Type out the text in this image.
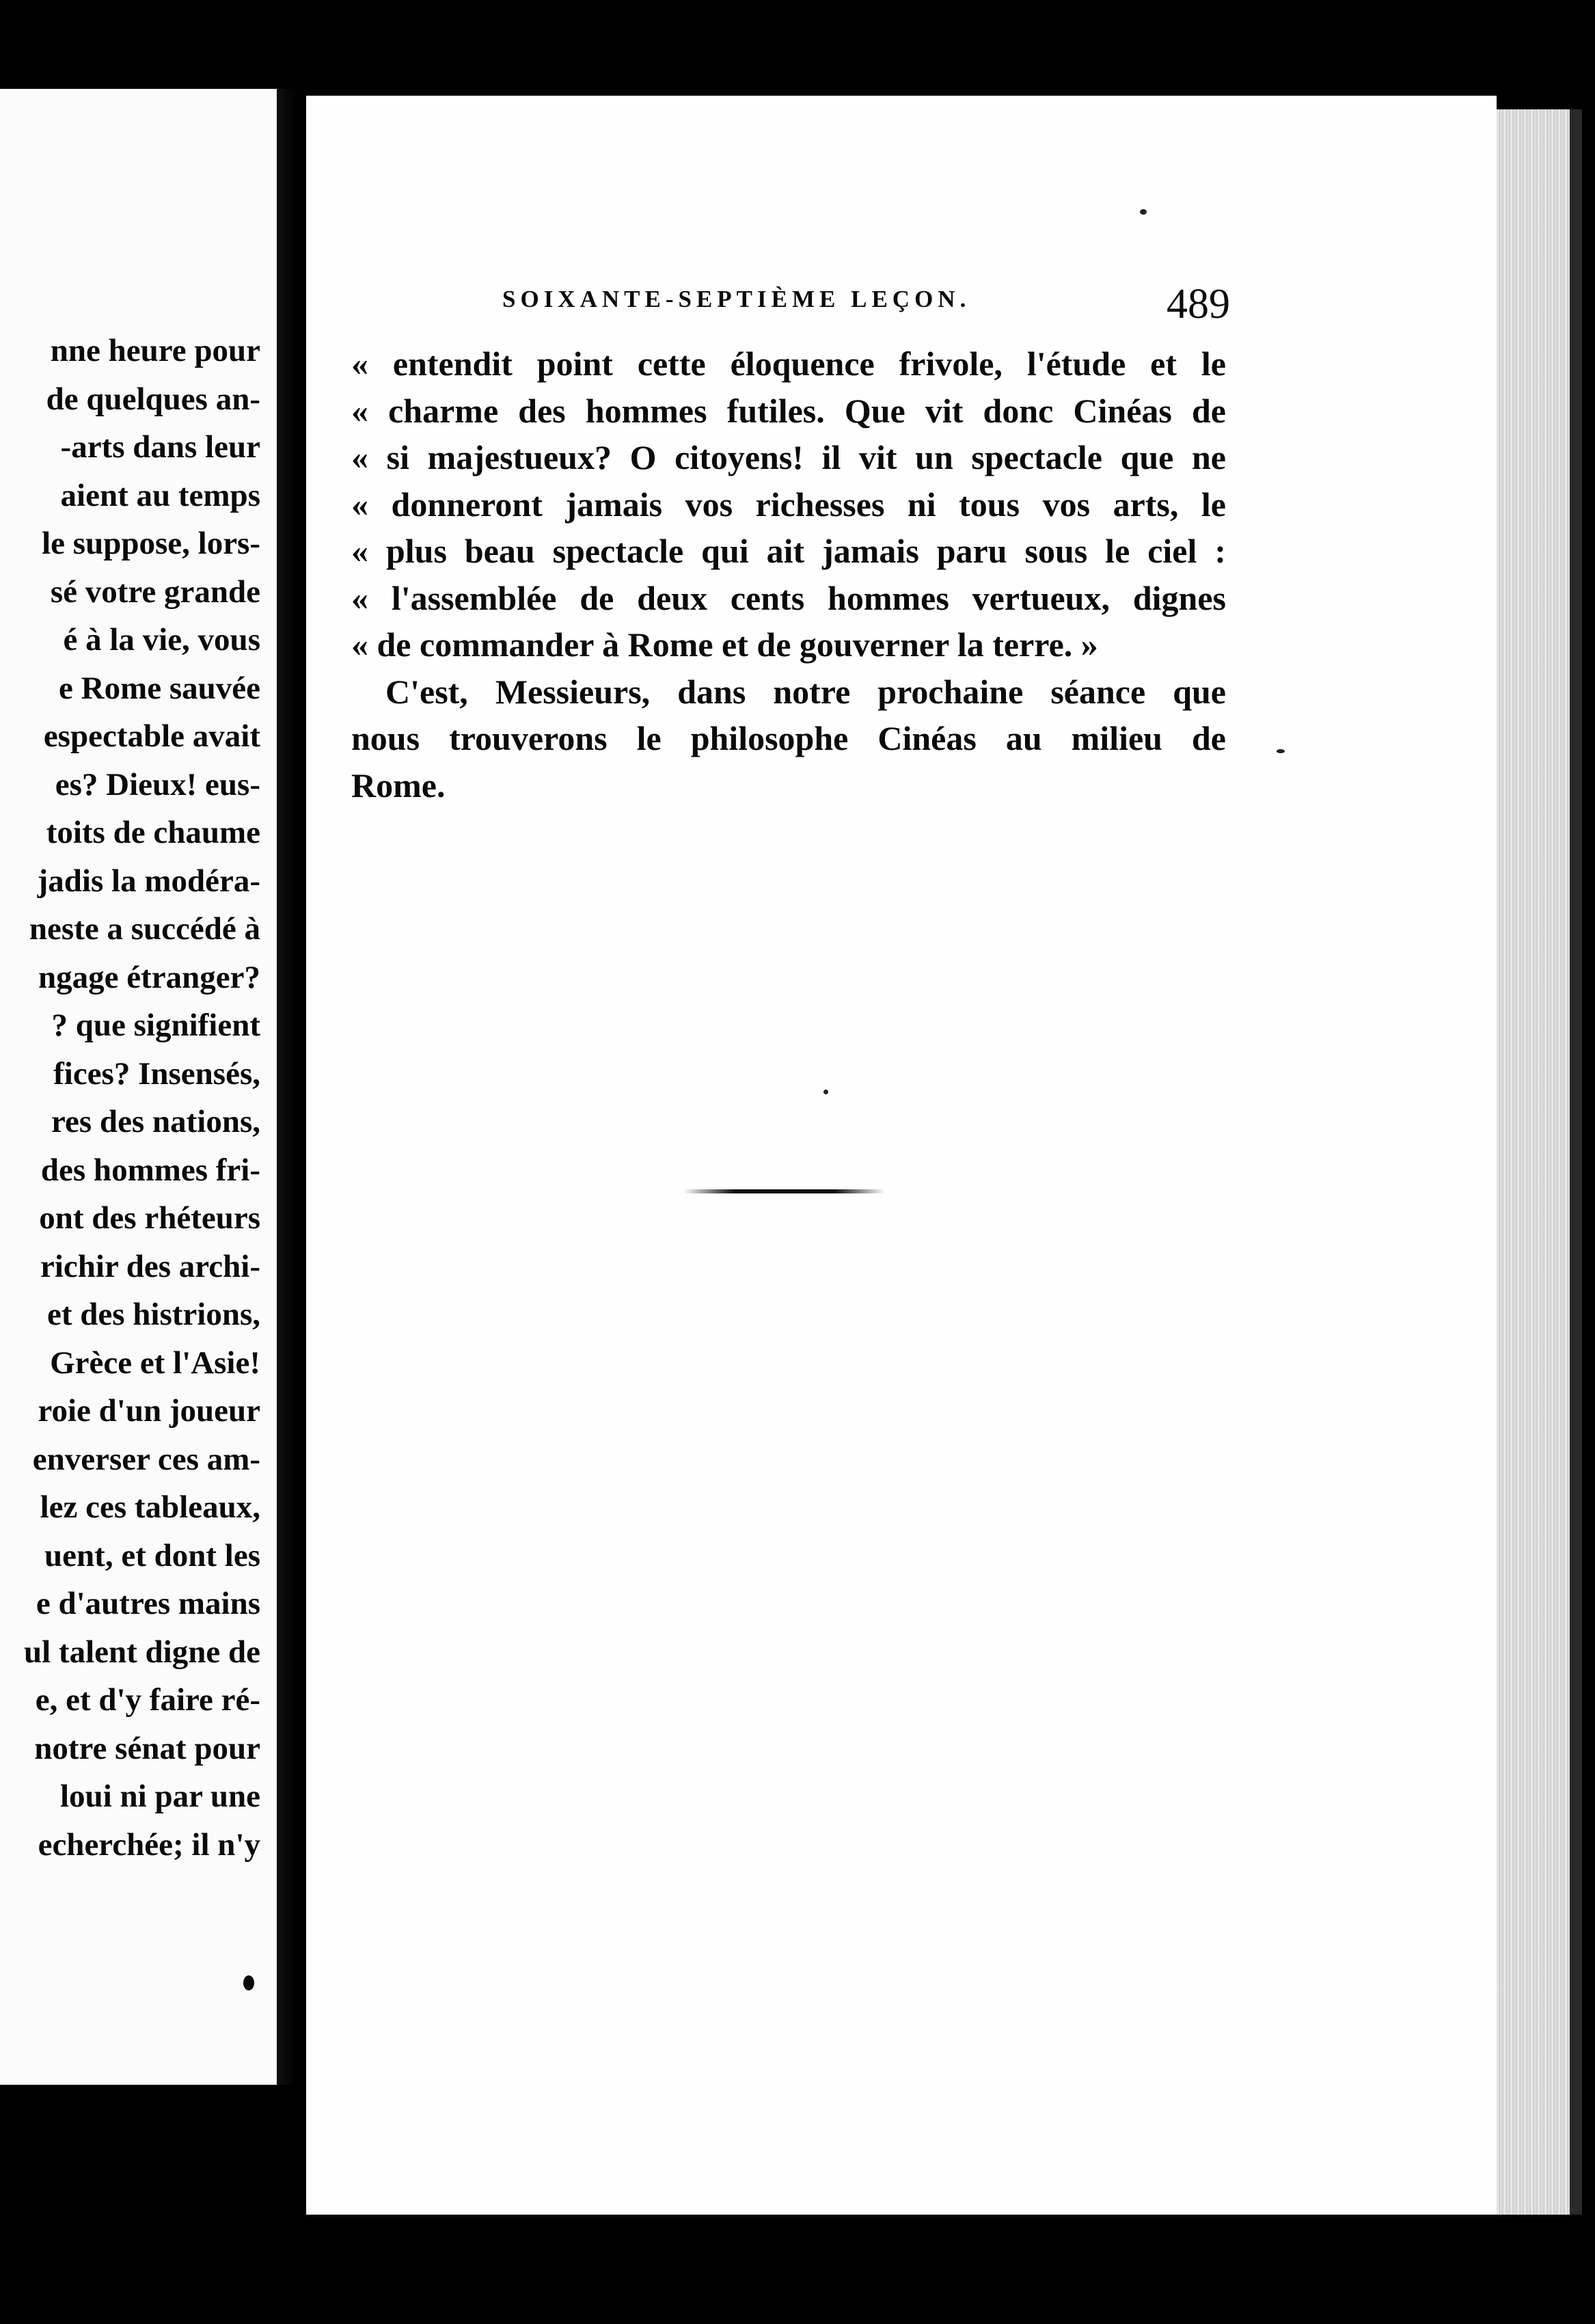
nne heure pour
de quelques an-
-arts dans leur
aient au temps
le suppose, lors-
sé votre grande
é à la vie, vous
e Rome sauvée
espectable avait
es? Dieux! eus-
toits de chaume
jadis la modéra-
neste a succédé à
ngage étranger?
? que signifient
fices? Insensés,
res des nations,
des hommes fri-
ont des rhéteurs
richir des archi-
et des histrions,
Grèce et l'Asie!
roie d'un joueur
enverser ces am-
lez ces tableaux,
uent, et dont les
e d'autres mains
ul talent digne de
e, et d'y faire ré-
notre sénat pour
loui ni par une
echerchée; il n'y
SOIXANTE-SEPTIÈME LEÇON.	489
« entendit point cette éloquence frivole, l'étude et le
« charme des hommes futiles. Que vit donc Cinéas de
« si majestueux? O citoyens! il vit un spectacle que ne
« donneront jamais vos richesses ni tous vos arts, le
« plus beau spectacle qui ait jamais paru sous le ciel :
« l'assemblée de deux cents hommes vertueux, dignes
« de commander à Rome et de gouverner la terre. »
C'est, Messieurs, dans notre prochaine séance que
nous trouverons le philosophe Cinéas au milieu de
Rome.
